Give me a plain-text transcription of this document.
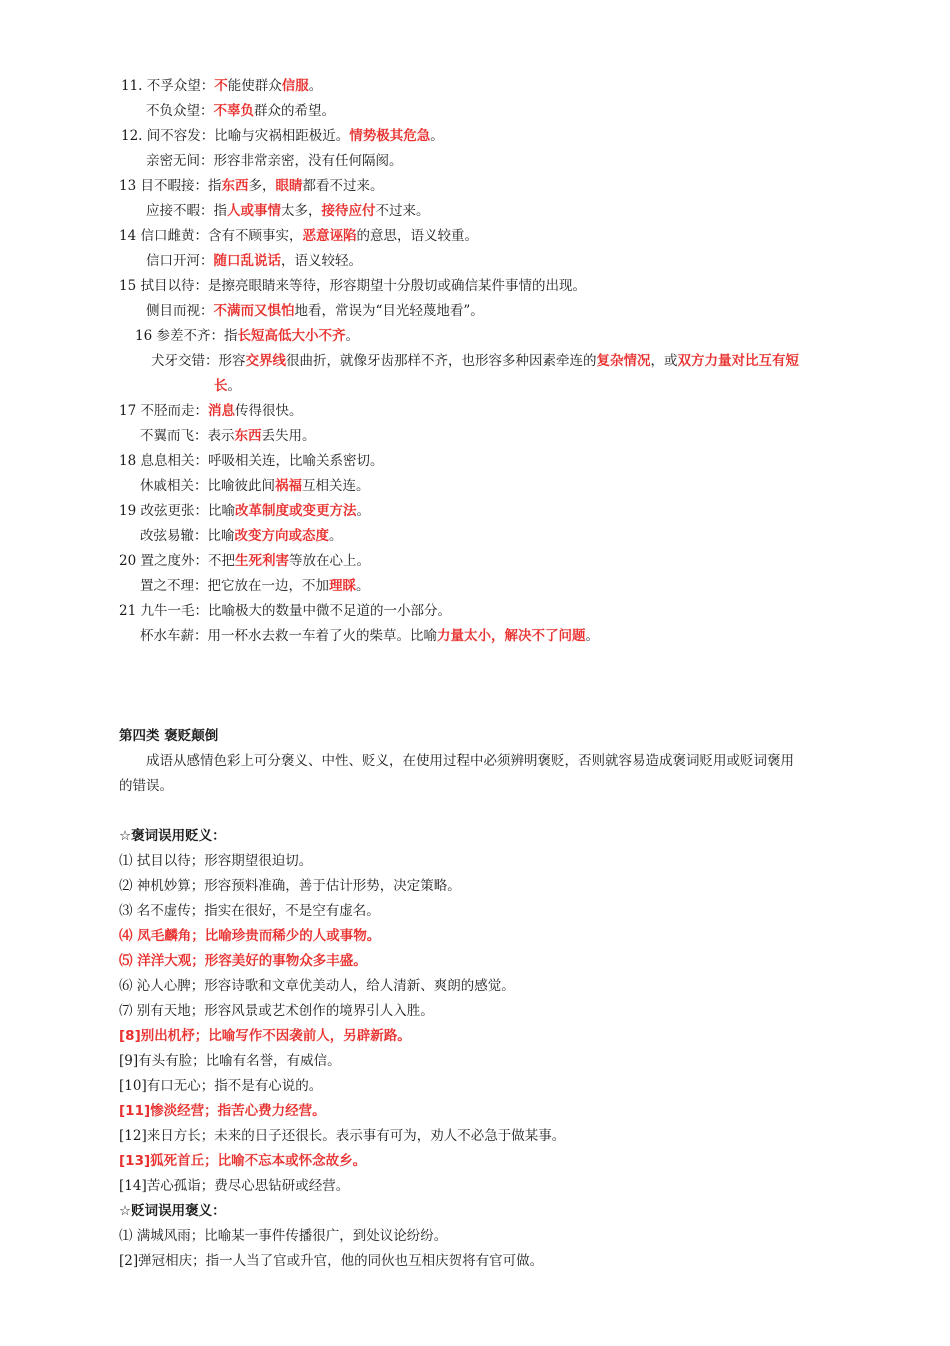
11. 不孚众望：不能使群众信服。
不负众望：不辜负群众的希望。
12. 间不容发：比喻与灾祸相距极近。情势极其危急。
亲密无间：形容非常亲密，没有任何隔阂。
13 目不暇接：指东西多，眼睛都看不过来。
应接不暇：指人或事情太多，接待应付不过来。
14 信口雌黄：含有不顾事实，恶意诬陷的意思，语义较重。
信口开河：随口乱说话，语义较轻。
15 拭目以待：是擦亮眼睛来等待，形容期望十分殷切或确信某件事情的出现。
侧目而视：不满而又惧怕地看，常误为“目光轻蔑地看”。
16 参差不齐：指长短高低大小不齐。
犬牙交错：形容交界线很曲折，就像牙齿那样不齐，也形容多种因素牵连的复杂情况，或双方力量对比互有短
长。
17 不胫而走：消息传得很快。
不翼而飞：表示东西丢失用。
18 息息相关：呼吸相关连，比喻关系密切。
休戚相关：比喻彼此间祸福互相关连。
19 改弦更张：比喻改革制度或变更方法。
改弦易辙：比喻改变方向或态度。
20 置之度外：不把生死利害等放在心上。
置之不理：把它放在一边，不加理睬。
21 九牛一毛：比喻极大的数量中微不足道的一小部分。
杯水车薪：用一杯水去救一车着了火的柴草。比喻力量太小，解决不了问题。
第四类 褒贬颠倒
成语从感情色彩上可分褒义、中性、贬义，在使用过程中必须辨明褒贬，否则就容易造成褒词贬用或贬词褒用
的错误。
☆褒词误用贬义：
⑴ 拭目以待；形容期望很迫切。
⑵ 神机妙算；形容预料准确，善于估计形势，决定策略。
⑶ 名不虚传；指实在很好，不是空有虚名。
⑷ 凤毛麟角；比喻珍贵而稀少的人或事物。
⑸ 洋洋大观；形容美好的事物众多丰盛。
⑹ 沁人心脾；形容诗歌和文章优美动人，给人清新、爽朗的感觉。
⑺ 别有天地；形容风景或艺术创作的境界引人入胜。
[8]别出机杼；比喻写作不因袭前人，另辟新路。
[9]有头有脸；比喻有名誉，有威信。
[10]有口无心；指不是有心说的。
[11]惨淡经营；指苦心费力经营。
[12]来日方长；未来的日子还很长。表示事有可为，劝人不必急于做某事。
[13]狐死首丘；比喻不忘本或怀念故乡。
[14]苦心孤诣；费尽心思钻研或经营。
☆贬词误用褒义：
⑴ 满城风雨；比喻某一事件传播很广，到处议论纷纷。
[2]弹冠相庆；指一人当了官或升官，他的同伙也互相庆贺将有官可做。
